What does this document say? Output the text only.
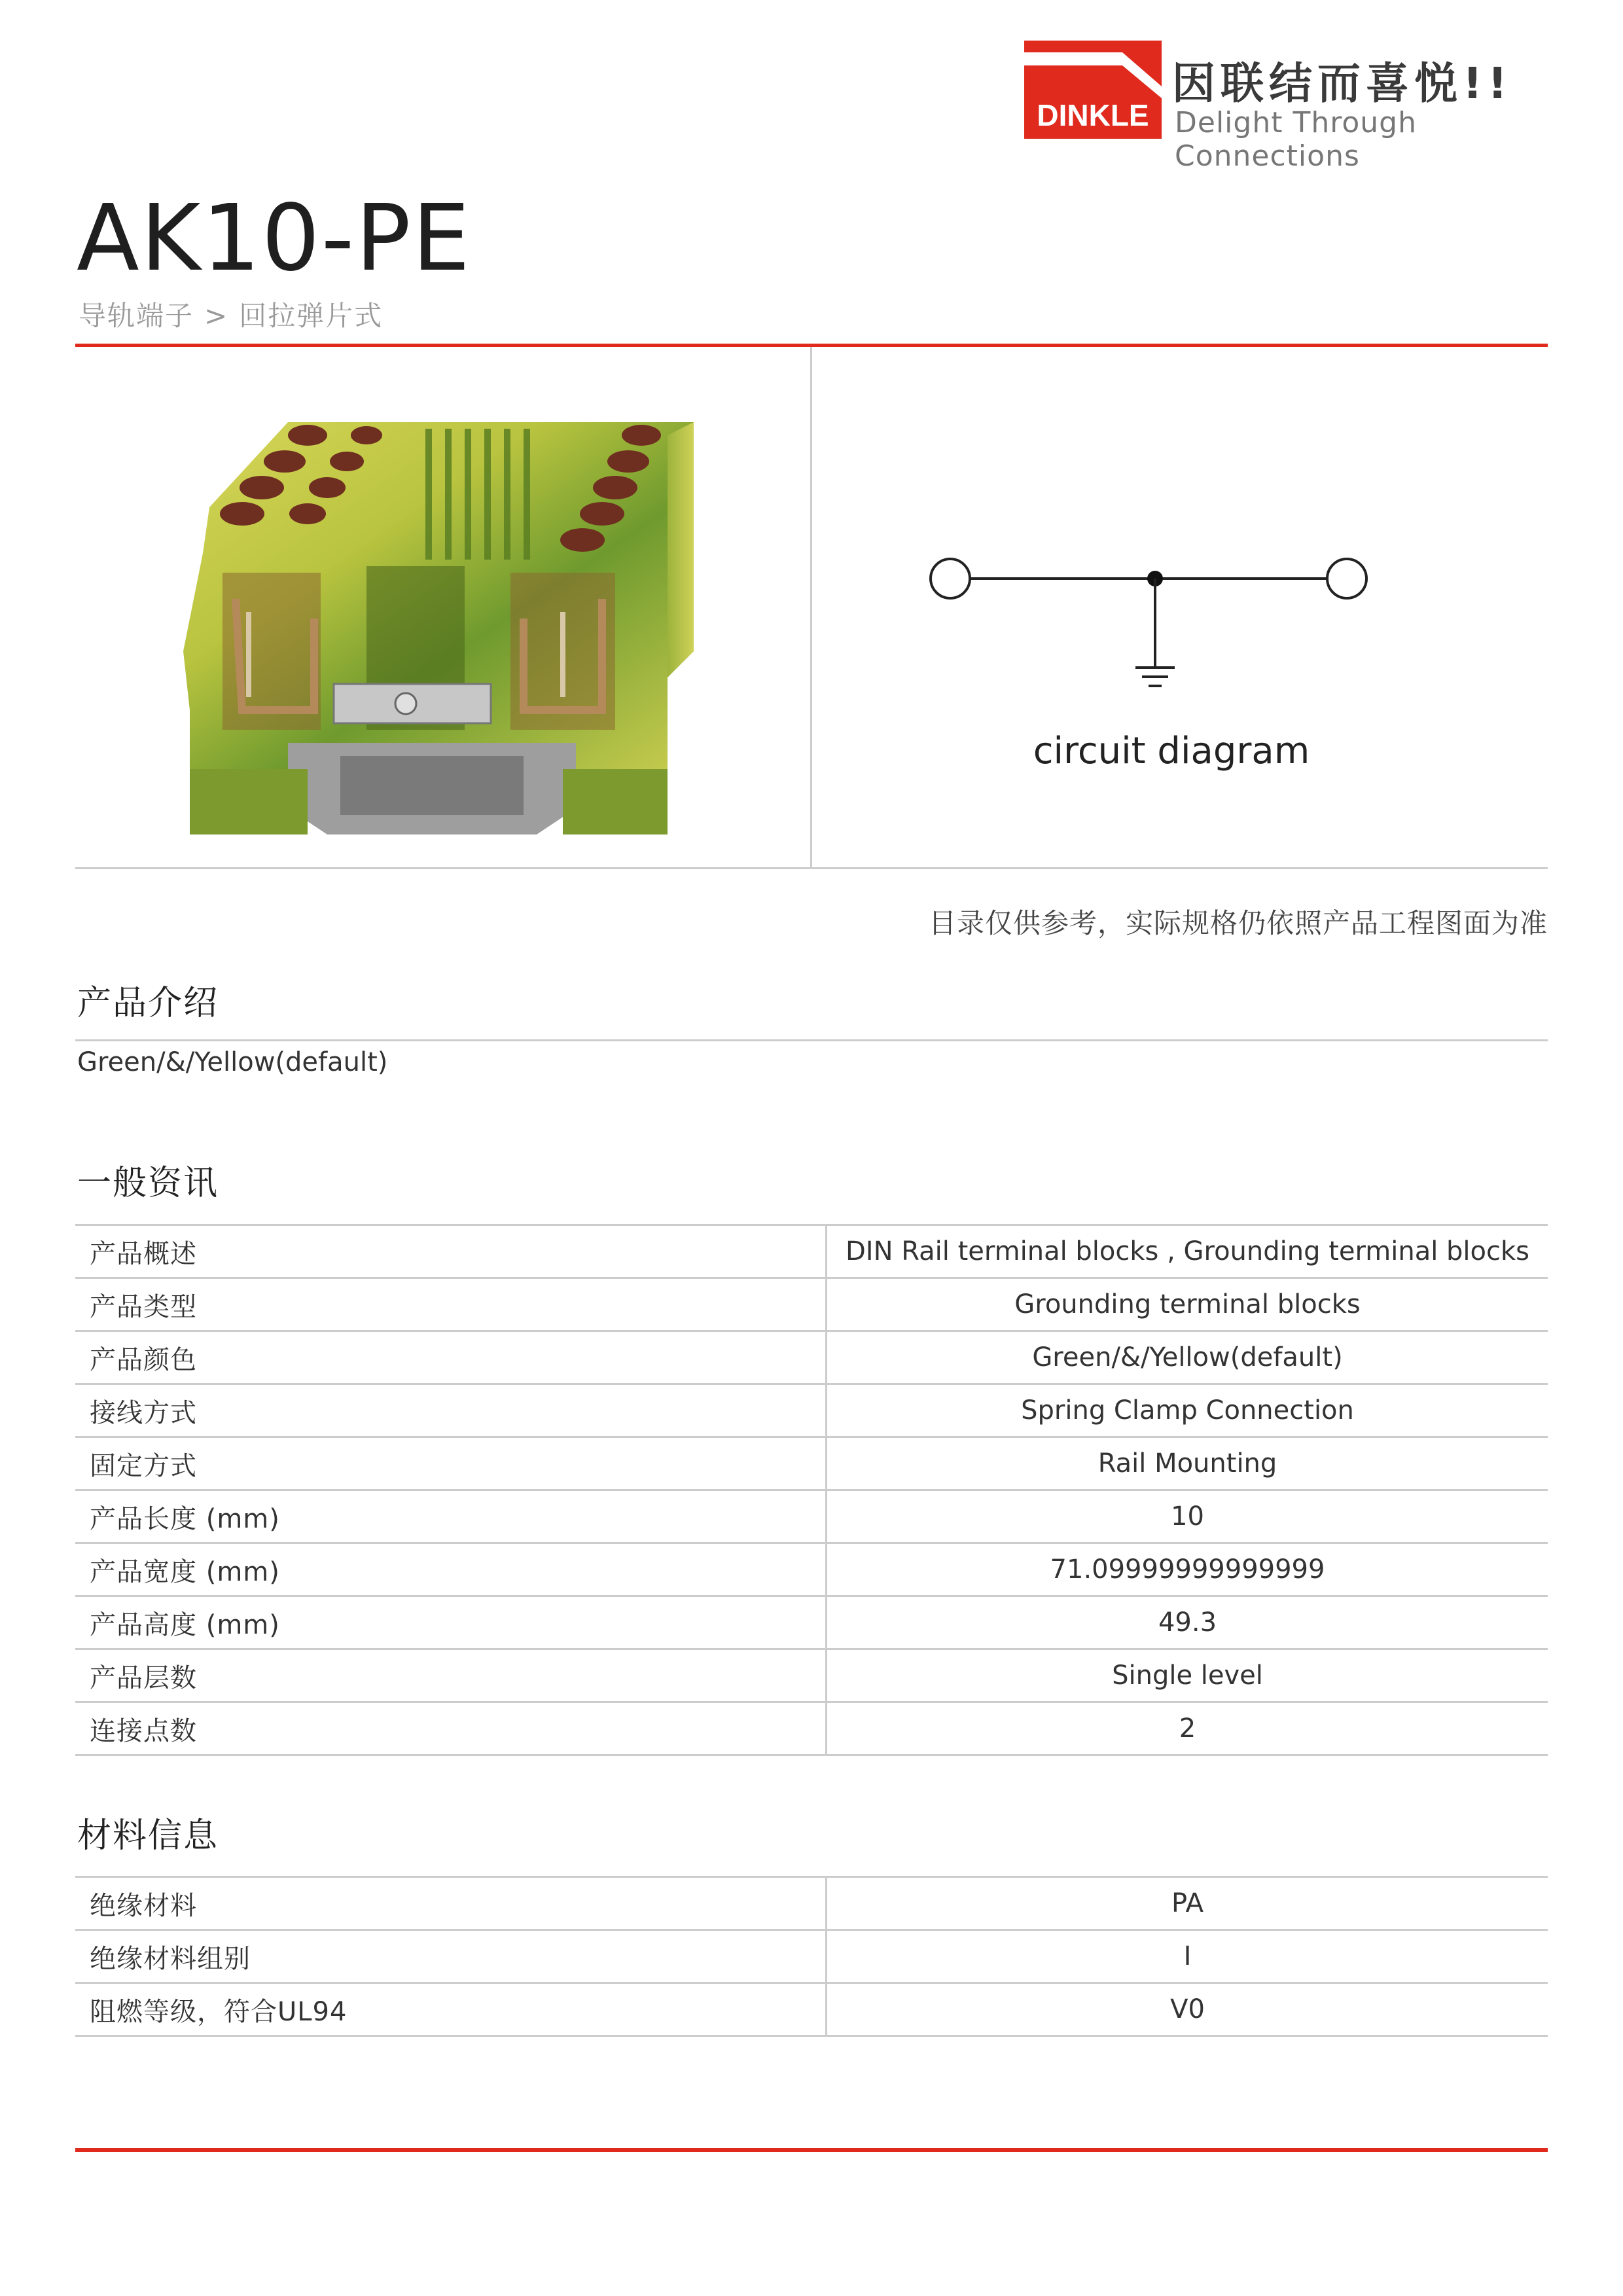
DINKLE
因联结而喜悦!!
Delight Through Connections
AK10-PE
导轨端子 > 回拉弹片式
circuit diagram
目录仅供参考，实际规格仍依照产品工程图面为准
产品介绍
Green/&/Yellow(default)
一般资讯
产品概述	DIN Rail terminal blocks , Grounding terminal blocks
产品类型	Grounding terminal blocks
产品颜色	Green/&/Yellow(default)
接线方式	Spring Clamp Connection
固定方式	Rail Mounting
产品长度 (mm)	10
产品宽度 (mm)	71.09999999999999
产品高度 (mm)	49.3
产品层数	Single level
连接点数	2
材料信息
绝缘材料	PA
绝缘材料组别	I
阻燃等级，符合UL94	V0
